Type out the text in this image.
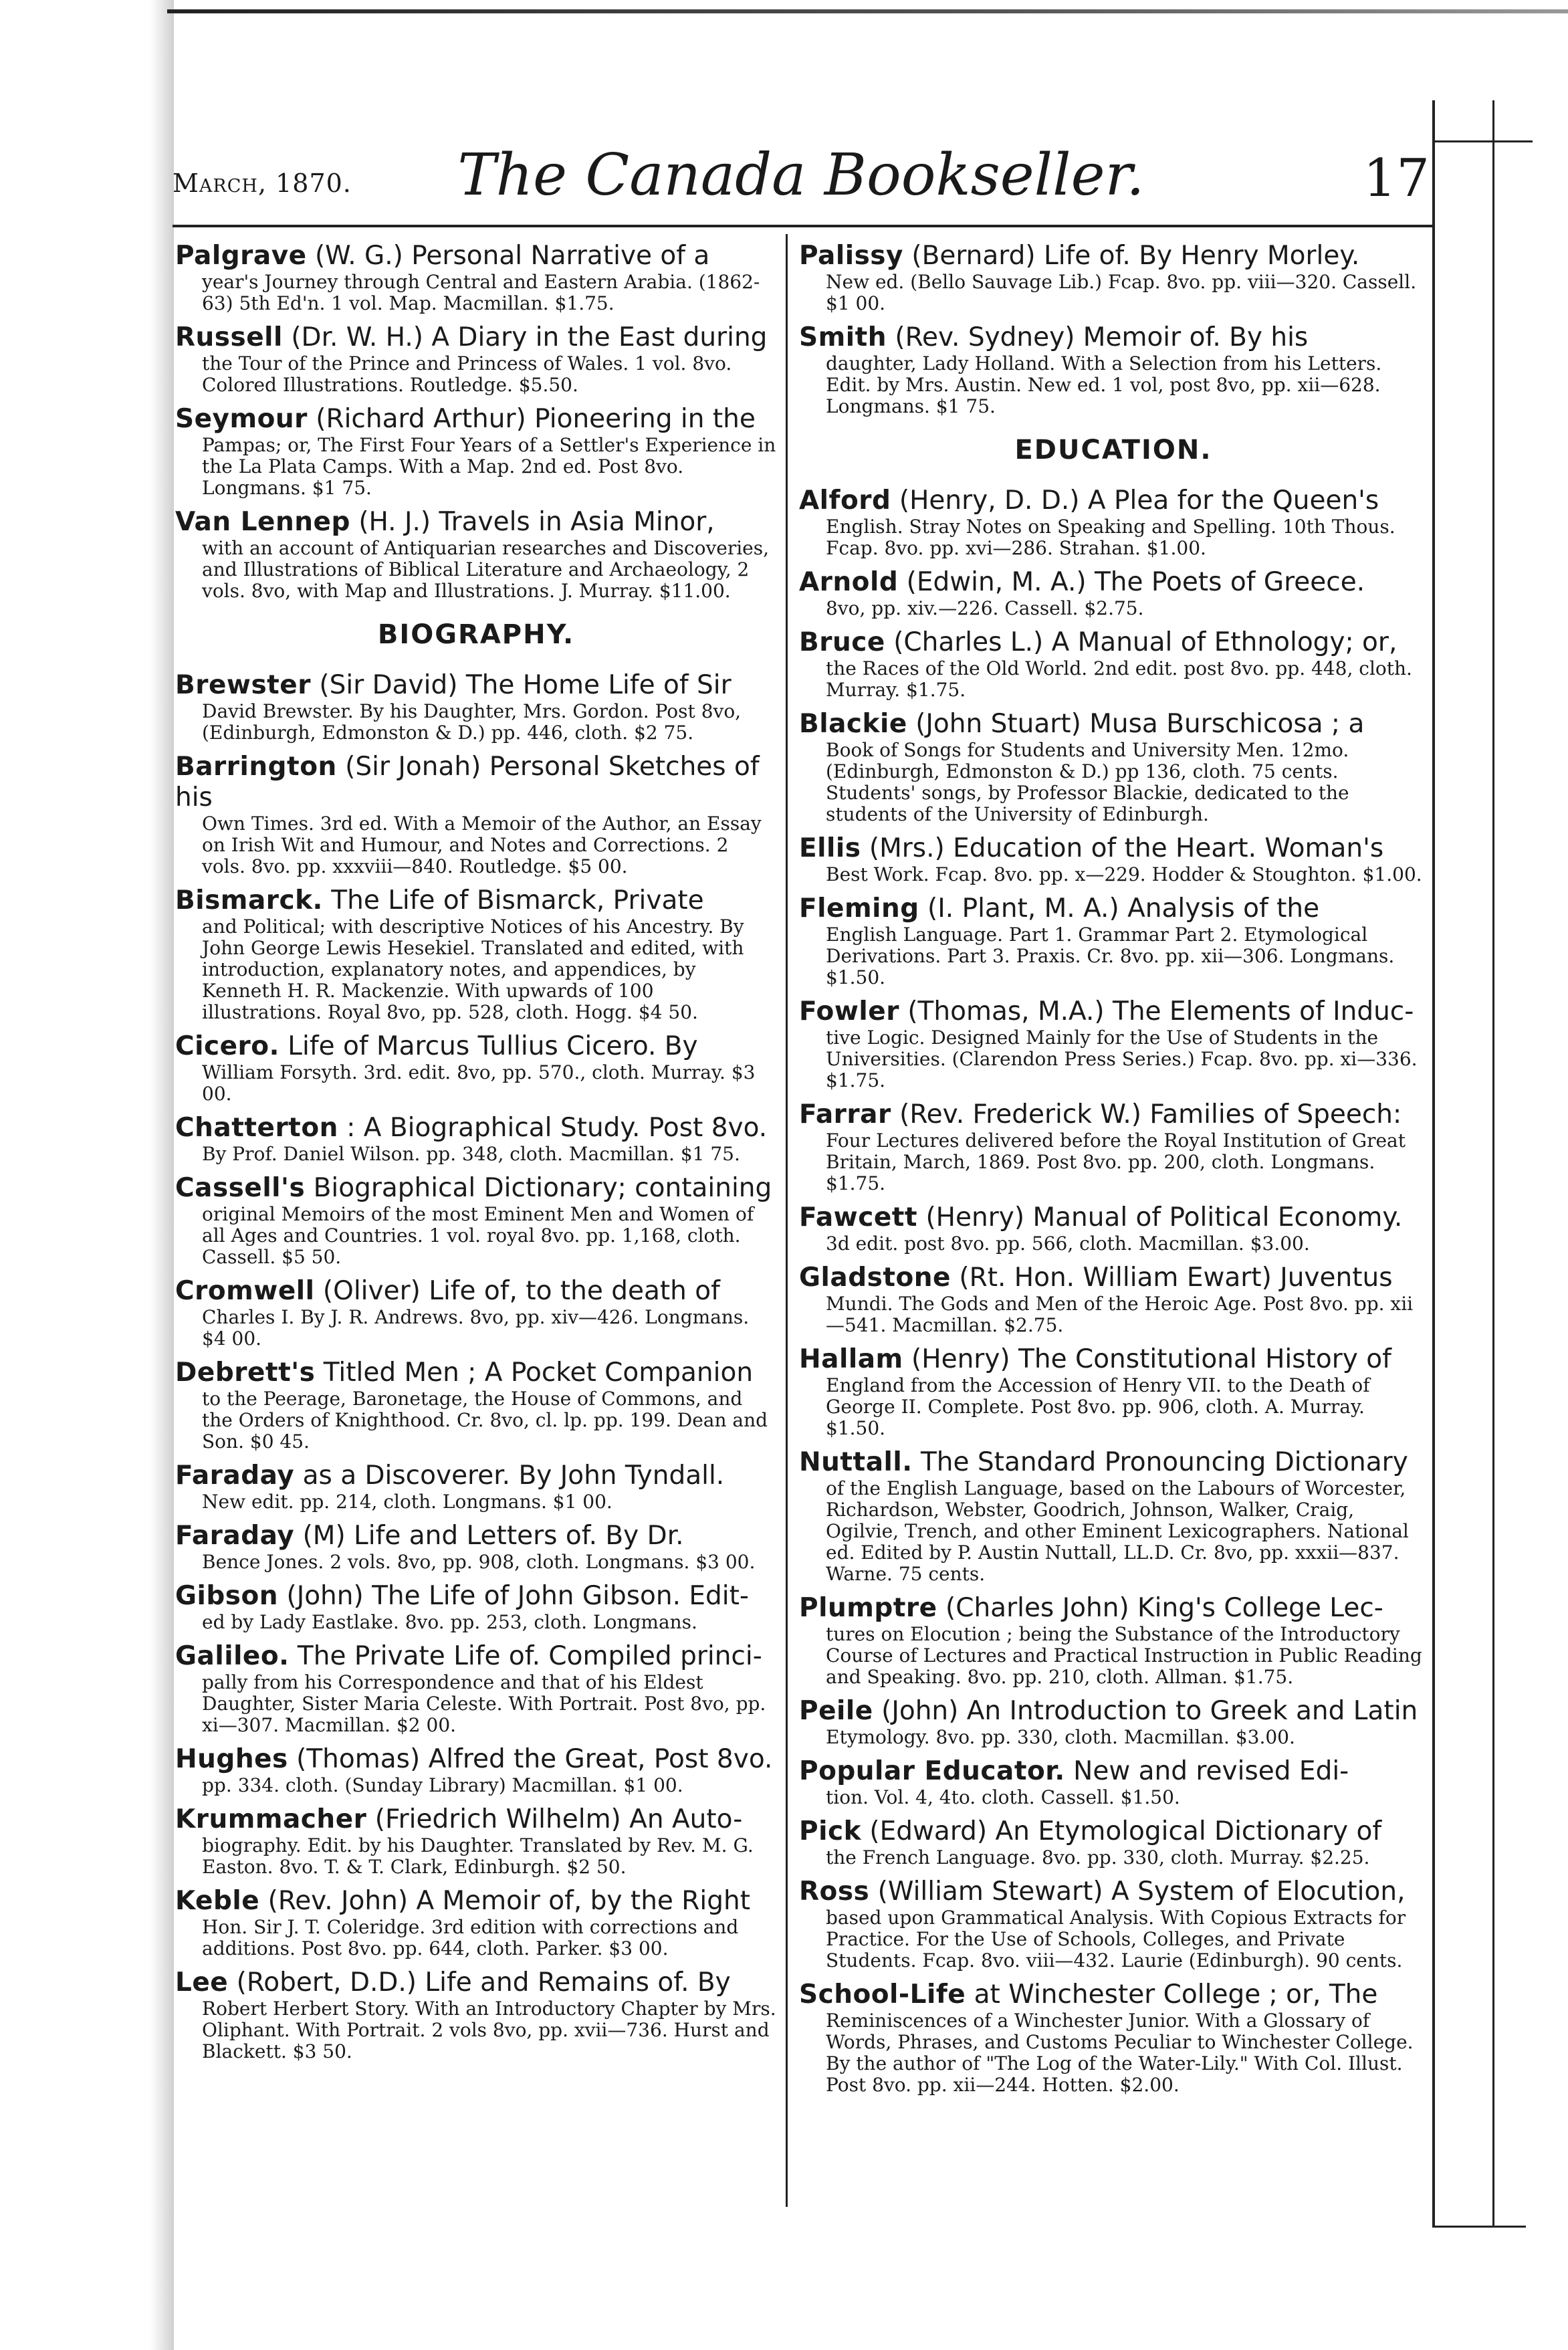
March, 1870.	The Canada Bookseller.	17
Palgrave (W. G.) Personal Narrative of a
year's Journey through Central and Eastern Arabia. (1862-63) 5th Ed'n. 1 vol. Map. Macmillan. $1.75.
Russell (Dr. W. H.) A Diary in the East during
the Tour of the Prince and Princess of Wales. 1 vol. 8vo. Colored Illustrations. Routledge. $5.50.
Seymour (Richard Arthur) Pioneering in the
Pampas; or, The First Four Years of a Settler's Experience in the La Plata Camps. With a Map. 2nd ed. Post 8vo. Longmans. $1 75.
Van Lennep (H. J.) Travels in Asia Minor,
with an account of Antiquarian researches and Discoveries, and Illustrations of Biblical Literature and Archaeology, 2 vols. 8vo, with Map and Illustrations. J. Murray. $11.00.
BIOGRAPHY.
Brewster (Sir David) The Home Life of Sir
David Brewster. By his Daughter, Mrs. Gordon. Post 8vo, (Edinburgh, Edmonston & D.) pp. 446, cloth. $2 75.
Barrington (Sir Jonah) Personal Sketches of his
Own Times. 3rd ed. With a Memoir of the Author, an Essay on Irish Wit and Humour, and Notes and Corrections. 2 vols. 8vo. pp. xxxviii—840. Routledge. $5 00.
Bismarck. The Life of Bismarck, Private
and Political; with descriptive Notices of his Ancestry. By John George Lewis Hesekiel. Translated and edited, with introduction, explanatory notes, and appendices, by Kenneth H. R. Mackenzie. With upwards of 100 illustrations. Royal 8vo, pp. 528, cloth. Hogg. $4 50.
Cicero. Life of Marcus Tullius Cicero. By
William Forsyth. 3rd. edit. 8vo, pp. 570., cloth. Murray. $3 00.
Chatterton : A Biographical Study. Post 8vo.
By Prof. Daniel Wilson. pp. 348, cloth. Macmillan. $1 75.
Cassell's Biographical Dictionary; containing
original Memoirs of the most Eminent Men and Women of all Ages and Countries. 1 vol. royal 8vo. pp. 1,168, cloth. Cassell. $5 50.
Cromwell (Oliver) Life of, to the death of
Charles I. By J. R. Andrews. 8vo, pp. xiv—426. Longmans. $4 00.
Debrett's Titled Men ; A Pocket Companion
to the Peerage, Baronetage, the House of Commons, and the Orders of Knighthood. Cr. 8vo, cl. lp. pp. 199. Dean and Son. $0 45.
Faraday as a Discoverer. By John Tyndall.
New edit. pp. 214, cloth. Longmans. $1 00.
Faraday (M) Life and Letters of. By Dr.
Bence Jones. 2 vols. 8vo, pp. 908, cloth. Longmans. $3 00.
Gibson (John) The Life of John Gibson. Edit-
ed by Lady Eastlake. 8vo. pp. 253, cloth. Longmans.
Galileo. The Private Life of. Compiled princi-
pally from his Correspondence and that of his Eldest Daughter, Sister Maria Celeste. With Portrait. Post 8vo, pp. xi—307. Macmillan. $2 00.
Hughes (Thomas) Alfred the Great, Post 8vo.
pp. 334. cloth. (Sunday Library) Macmillan. $1 00.
Krummacher (Friedrich Wilhelm) An Auto-
biography. Edit. by his Daughter. Translated by Rev. M. G. Easton. 8vo. T. & T. Clark, Edinburgh. $2 50.
Keble (Rev. John) A Memoir of, by the Right
Hon. Sir J. T. Coleridge. 3rd edition with corrections and additions. Post 8vo. pp. 644, cloth. Parker. $3 00.
Lee (Robert, D.D.) Life and Remains of. By
Robert Herbert Story. With an Introductory Chapter by Mrs. Oliphant. With Portrait. 2 vols 8vo, pp. xvii—736. Hurst and Blackett. $3 50.
Palissy (Bernard) Life of. By Henry Morley.
New ed. (Bello Sauvage Lib.) Fcap. 8vo. pp. viii—320. Cassell. $1 00.
Smith (Rev. Sydney) Memoir of. By his
daughter, Lady Holland. With a Selection from his Letters. Edit. by Mrs. Austin. New ed. 1 vol, post 8vo, pp. xii—628. Longmans. $1 75.
EDUCATION.
Alford (Henry, D. D.) A Plea for the Queen's
English. Stray Notes on Speaking and Spelling. 10th Thous. Fcap. 8vo. pp. xvi—286. Strahan. $1.00.
Arnold (Edwin, M. A.) The Poets of Greece.
8vo, pp. xiv.—226. Cassell. $2.75.
Bruce (Charles L.) A Manual of Ethnology; or,
the Races of the Old World. 2nd edit. post 8vo. pp. 448, cloth. Murray. $1.75.
Blackie (John Stuart) Musa Burschicosa ; a
Book of Songs for Students and University Men. 12mo. (Edinburgh, Edmonston & D.) pp 136, cloth. 75 cents. Students' songs, by Professor Blackie, dedicated to the students of the University of Edinburgh.
Ellis (Mrs.) Education of the Heart. Woman's
Best Work. Fcap. 8vo. pp. x—229. Hodder & Stoughton. $1.00.
Fleming (I. Plant, M. A.) Analysis of the
English Language. Part 1. Grammar Part 2. Etymological Derivations. Part 3. Praxis. Cr. 8vo. pp. xii—306. Longmans. $1.50.
Fowler (Thomas, M.A.) The Elements of Induc-
tive Logic. Designed Mainly for the Use of Students in the Universities. (Clarendon Press Series.) Fcap. 8vo. pp. xi—336. $1.75.
Farrar (Rev. Frederick W.) Families of Speech:
Four Lectures delivered before the Royal Institution of Great Britain, March, 1869. Post 8vo. pp. 200, cloth. Longmans. $1.75.
Fawcett (Henry) Manual of Political Economy.
3d edit. post 8vo. pp. 566, cloth. Macmillan. $3.00.
Gladstone (Rt. Hon. William Ewart) Juventus
Mundi. The Gods and Men of the Heroic Age. Post 8vo. pp. xii—541. Macmillan. $2.75.
Hallam (Henry) The Constitutional History of
England from the Accession of Henry VII. to the Death of George II. Complete. Post 8vo. pp. 906, cloth. A. Murray. $1.50.
Nuttall. The Standard Pronouncing Dictionary
of the English Language, based on the Labours of Worcester, Richardson, Webster, Goodrich, Johnson, Walker, Craig, Ogilvie, Trench, and other Eminent Lexicographers. National ed. Edited by P. Austin Nuttall, LL.D. Cr. 8vo, pp. xxxii—837. Warne. 75 cents.
Plumptre (Charles John) King's College Lec-
tures on Elocution ; being the Substance of the Introductory Course of Lectures and Practical Instruction in Public Reading and Speaking. 8vo. pp. 210, cloth. Allman. $1.75.
Peile (John) An Introduction to Greek and Latin
Etymology. 8vo. pp. 330, cloth. Macmillan. $3.00.
Popular Educator. New and revised Edi-
tion. Vol. 4, 4to. cloth. Cassell. $1.50.
Pick (Edward) An Etymological Dictionary of
the French Language. 8vo. pp. 330, cloth. Murray. $2.25.
Ross (William Stewart) A System of Elocution,
based upon Grammatical Analysis. With Copious Extracts for Practice. For the Use of Schools, Colleges, and Private Students. Fcap. 8vo. viii—432. Laurie (Edinburgh). 90 cents.
School-Life at Winchester College ; or, The
Reminiscences of a Winchester Junior. With a Glossary of Words, Phrases, and Customs Peculiar to Winchester College. By the author of "The Log of the Water-Lily." With Col. Illust. Post 8vo. pp. xii—244. Hotten. $2.00.
